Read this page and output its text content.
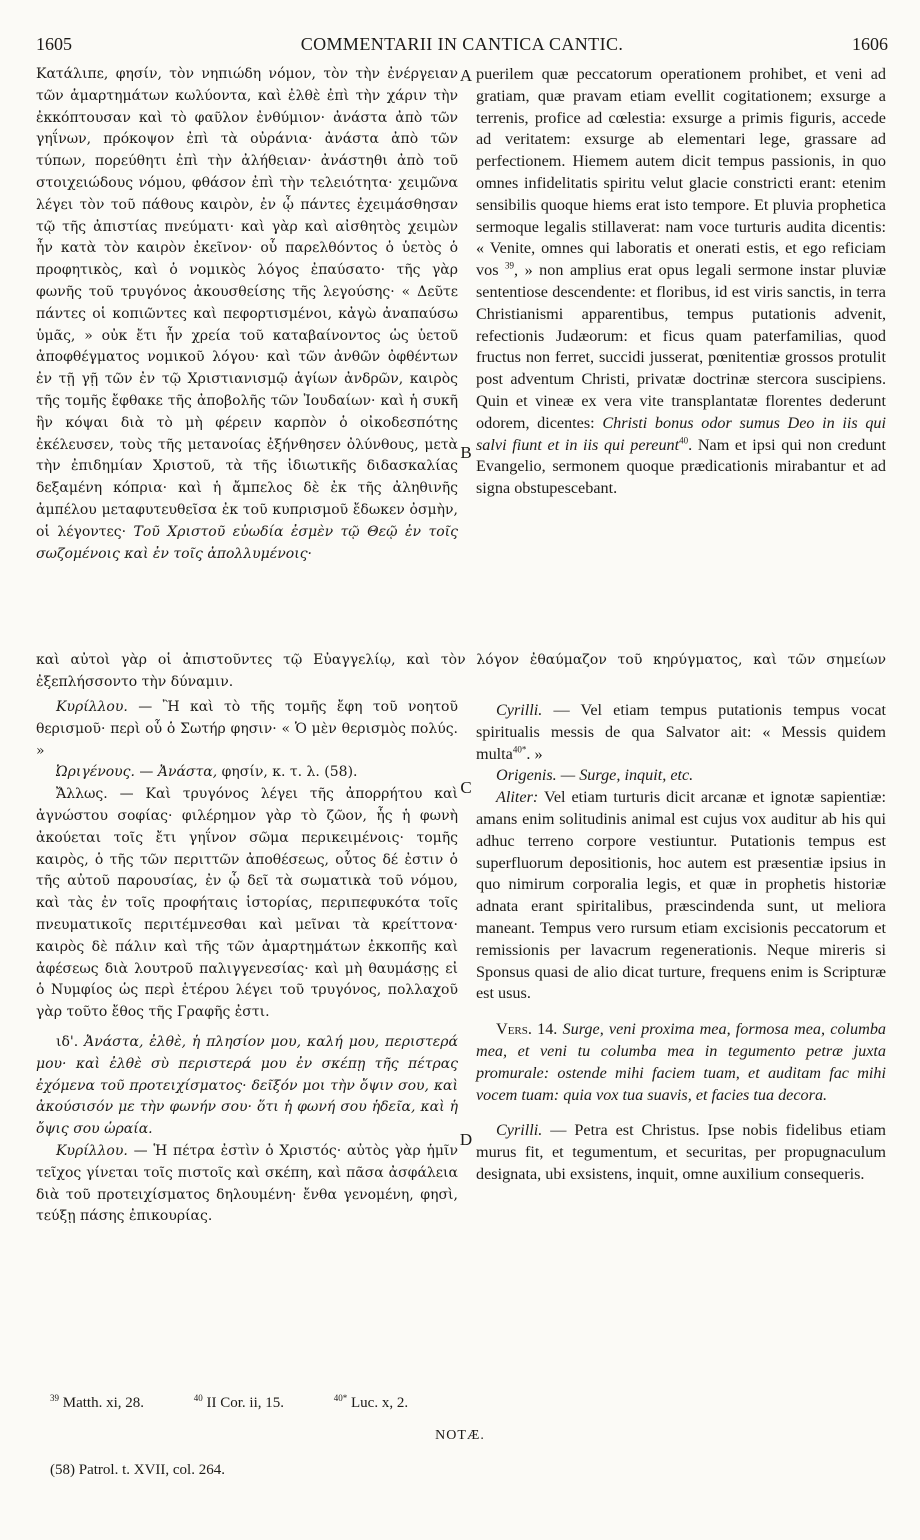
1605	COMMENTARII IN CANTICA CANTIC.	1606
A
B
C
D

Κατάλιπε, φησίν, τὸν νηπιώδη νόμον, τὸν τὴν ἐνέργειαν τῶν ἁμαρτημάτων κωλύοντα, καὶ ἐλθὲ ἐπὶ τὴν χάριν τὴν ἐκκόπτουσαν καὶ τὸ φαῦλον ἐνθύμιον· ἀνάστα ἀπὸ τῶν γηΐνων, πρόκοψον ἐπὶ τὰ οὐράνια· ἀνάστα ἀπὸ τῶν τύπων, πορεύθητι ἐπὶ τὴν ἀλήθειαν· ἀνάστηθι ἀπὸ τοῦ στοιχειώδους νόμου, φθάσον ἐπὶ τὴν τελειότητα· χειμῶνα λέγει τὸν τοῦ πάθους καιρὸν, ἐν ᾧ πάντες ἐχειμάσθησαν τῷ τῆς ἀπιστίας πνεύματι· καὶ γὰρ καὶ αἰσθητὸς χειμὼν ἦν κατὰ τὸν καιρὸν ἐκεῖνον· οὗ παρελθόντος ὁ ὑετὸς ὁ προφητικὸς, καὶ ὁ νομικὸς λόγος ἐπαύσατο· τῆς γὰρ φωνῆς τοῦ τρυγόνος ἀκουσθείσης τῆς λεγούσης· « Δεῦτε πάντες οἱ κοπιῶντες καὶ πεφορτισμένοι, κἀγὼ ἀναπαύσω ὑμᾶς, » οὐκ ἔτι ἦν χρεία τοῦ καταβαίνοντος ὡς ὑετοῦ ἀποφθέγματος νομικοῦ λόγου· καὶ τῶν ἀνθῶν ὀφθέντων ἐν τῇ γῇ τῶν ἐν τῷ Χριστιανισμῷ ἁγίων ἀνδρῶν, καιρὸς τῆς τομῆς ἔφθακε τῆς ἀποβολῆς τῶν Ἰουδαίων· καὶ ἡ συκῆ ἣν κόψαι διὰ τὸ μὴ φέρειν καρπὸν ὁ οἰκοδεσπότης ἐκέλευσεν, τοὺς τῆς μετανοίας ἐξήνθησεν ὀλύνθους, μετὰ τὴν ἐπιδημίαν Χριστοῦ, τὰ τῆς ἰδιωτικῆς διδασκαλίας δεξαμένη κόπρια· καὶ ἡ ἄμπελος δὲ ἐκ τῆς ἀληθινῆς ἀμπέλου μεταφυτευθεῖσα ἐκ τοῦ κυπρισμοῦ ἔδωκεν ὀσμὴν, οἱ λέγοντες· Τοῦ Χριστοῦ εὐωδία ἐσμὲν τῷ Θεῷ ἐν τοῖς σωζομένοις καὶ ἐν τοῖς ἀπολλυμένοις·

puerilem quæ peccatorum operationem prohibet, et veni ad gratiam, quæ pravam etiam evellit cogitationem; exsurge a terrenis, profice ad cœlestia: exsurge a primis figuris, accede ad veritatem: exsurge ab elementari lege, grassare ad perfectionem. Hiemem autem dicit tempus passionis, in quo omnes infidelitatis spiritu velut glacie constricti erant: etenim sensibilis quoque hiems erat isto tempore. Et pluvia prophetica sermoque legalis stillaverat: nam voce turturis audita dicentis: « Venite, omnes qui laboratis et onerati estis, et ego reficiam vos $^{39}$, » non amplius erat opus legali sermone instar pluviæ sententiose descendente: et floribus, id est viris sanctis, in terra Christianismi apparentibus, tempus putationis advenit, refectionis Judæorum: et ficus quam paterfamilias, quod fructus non ferret, succidi jusserat, pœnitentiæ grossos protulit post adventum Christi, privatæ doctrinæ stercora suscipiens. Quin et vineæ ex vera vite transplantatæ florentes dederunt odorem, dicentes: Christi bonus odor sumus Deo in iis qui salvi fiunt et in iis qui pereunt$^{40}$. Nam et ipsi qui non credunt Evangelio, sermonem quoque prædicationis mirabantur et ad signa obstupescebant.

καὶ αὐτοὶ γὰρ οἱ ἀπιστοῦντες τῷ Εὐαγγελίῳ, καὶ τὸν λόγον ἐθαύμαζον τοῦ κηρύγματος, καὶ τῶν σημείων ἐξεπλήσσοντο τὴν δύναμιν.

Κυρίλλου. — Ἢ καὶ τὸ τῆς τομῆς ἔφη τοῦ νοητοῦ θερισμοῦ· περὶ οὗ ὁ Σωτήρ φησιν· « Ὁ μὲν θερισμὸς πολύς. »

Ὠριγένους. — Ἀνάστα, φησίν, κ. τ. λ. (58).

Ἄλλως. — Καὶ τρυγόνος λέγει τῆς ἀπορρήτου καὶ ἀγνώστου σοφίας· φιλέρημον γὰρ τὸ ζῶον, ἧς ἡ φωνὴ ἀκούεται τοῖς ἔτι γηΐνον σῶμα περικειμένοις· τομῆς καιρὸς, ὁ τῆς τῶν περιττῶν ἀποθέσεως, οὗτος δέ ἐστιν ὁ τῆς αὐτοῦ παρουσίας, ἐν ᾧ δεῖ τὰ σωματικὰ τοῦ νόμου, καὶ τὰς ἐν τοῖς προφήταις ἱστορίας, περιπεφυκότα τοῖς πνευματικοῖς περιτέμνεσθαι καὶ μεῖναι τὰ κρείττονα· καιρὸς δὲ πάλιν καὶ τῆς τῶν ἁμαρτημάτων ἐκκοπῆς καὶ ἀφέσεως διὰ λουτροῦ παλιγγενεσίας· καὶ μὴ θαυμάσῃς εἰ ὁ Νυμφίος ὡς περὶ ἑτέρου λέγει τοῦ τρυγόνος, πολλαχοῦ γὰρ τοῦτο ἔθος τῆς Γραφῆς ἐστι.

ιδ'. Ἀνάστα, ἐλθὲ, ἡ πλησίον μου, καλή μου, περιστερά μου· καὶ ἐλθὲ σὺ περιστερά μου ἐν σκέπῃ τῆς πέτρας ἐχόμενα τοῦ προτειχίσματος· δεῖξόν μοι τὴν ὄψιν σου, καὶ ἀκούσισόν με τὴν φωνήν σου· ὅτι ἡ φωνή σου ἡδεῖα, καὶ ἡ ὄψις σου ὡραία.

Κυρίλλου. — Ἡ πέτρα ἐστὶν ὁ Χριστός· αὐτὸς γὰρ ἡμῖν τεῖχος γίνεται τοῖς πιστοῖς καὶ σκέπη, καὶ πᾶσα ἀσφάλεια διὰ τοῦ προτειχίσματος δηλουμένη· ἔνθα γενομένη, φησὶ, τεύξῃ πάσης ἐπικουρίας.

Cyrilli. — Vel etiam tempus putationis tempus vocat spiritualis messis de qua Salvator ait: « Messis quidem multa$^{40*}$. »

Origenis. — Surge, inquit, etc.

Aliter: Vel etiam turturis dicit arcanæ et ignotæ sapientiæ: amans enim solitudinis animal est cujus vox auditur ab his qui adhuc terreno corpore vestiuntur. Putationis tempus est superfluorum depositionis, hoc autem est præsentiæ ipsius in quo nimirum corporalia legis, et quæ in prophetis historiæ adnata erant spiritalibus, præscindenda sunt, ut meliora maneant. Tempus vero rursum etiam excisionis peccatorum et remissionis per lavacrum regenerationis. Neque mireris si Sponsus quasi de alio dicat turture, frequens enim is Scripturæ est usus.

Vers. 14. Surge, veni proxima mea, formosa mea, columba mea, et veni tu columba mea in tegumento petræ juxta promurale: ostende mihi faciem tuam, et auditam fac mihi vocem tuam: quia vox tua suavis, et facies tua decora.

Cyrilli. — Petra est Christus. Ipse nobis fidelibus etiam murus fit, et tegumentum, et securitas, per propugnaculum designata, ubi exsistens, inquit, omne auxilium consequeris.

$^{39}$ Matth. xi, 28.	$^{40}$ II Cor. ii, 15.	$^{40*}$ Luc. x, 2.
NOTÆ.
(58) Patrol. t. XVII, col. 264.
